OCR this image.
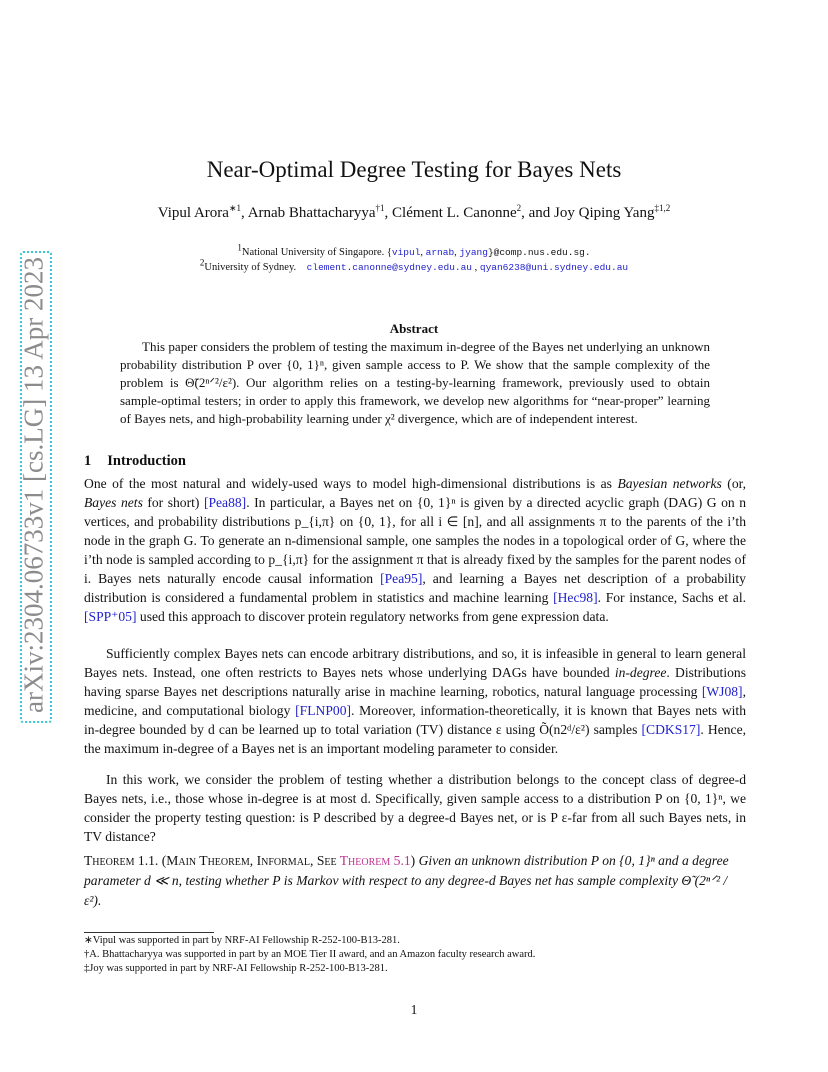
arXiv:2304.06733v1 [cs.LG] 13 Apr 2023
Near-Optimal Degree Testing for Bayes Nets
Vipul Arora$^{∗1}$, Arnab Bhattacharyya$^{\dagger 1}$, Clément L. Canonne$^2$, and Joy Qiping Yang$^{\ddagger 1,2}$
$^1$National University of Singapore. {vipul, arnab, jyang}@comp.nus.edu.sg.
$^2$University of Sydney. clement.canonne@sydney.edu.au , qyan6238@uni.sydney.edu.au
Abstract

This paper considers the problem of testing the maximum in-degree of the Bayes net underlying an unknown probability distribution P over {0, 1}ⁿ, given sample access to P. We show that the sample complexity of the problem is Θ̃(2ⁿᐟ²/ε²). Our algorithm relies on a testing-by-learning framework, previously used to obtain sample-optimal testers; in order to apply this framework, we develop new algorithms for “near-proper” learning of Bayes nets, and high-probability learning under χ² divergence, which are of independent interest.

1 Introduction

One of the most natural and widely-used ways to model high-dimensional distributions is as Bayesian networks (or, Bayes nets for short) [Pea88]. In particular, a Bayes net on {0, 1}ⁿ is given by a directed acyclic graph (DAG) G on n vertices, and probability distributions p_{i,π} on {0, 1}, for all i ∈ [n], and all assignments π to the parents of the i’th node in the graph G. To generate an n-dimensional sample, one samples the nodes in a topological order of G, where the i’th node is sampled according to p_{i,π} for the assignment π that is already fixed by the samples for the parent nodes of i. Bayes nets naturally encode causal information [Pea95], and learning a Bayes net description of a probability distribution is considered a fundamental problem in statistics and machine learning [Hec98]. For instance, Sachs et al. [SPP⁺05] used this approach to discover protein regulatory networks from gene expression data.

Sufficiently complex Bayes nets can encode arbitrary distributions, and so, it is infeasible in general to learn general Bayes nets. Instead, one often restricts to Bayes nets whose underlying DAGs have bounded in-degree. Distributions having sparse Bayes net descriptions naturally arise in machine learning, robotics, natural language processing [WJ08], medicine, and computational biology [FLNP00]. Moreover, information-theoretically, it is known that Bayes nets with in-degree bounded by d can be learned up to total variation (TV) distance ε using Õ(n2ᵈ/ε²) samples [CDKS17]. Hence, the maximum in-degree of a Bayes net is an important modeling parameter to consider.

In this work, we consider the problem of testing whether a distribution belongs to the concept class of degree-d Bayes nets, i.e., those whose in-degree is at most d. Specifically, given sample access to a distribution P on {0, 1}ⁿ, we consider the property testing question: is P described by a degree-d Bayes net, or is P ε-far from all such Bayes nets, in TV distance?

Theorem 1.1. (Main Theorem, Informal, See Theorem 5.1) Given an unknown distribution P on {0, 1}ⁿ and a degree parameter d ≪ n, testing whether P is Markov with respect to any degree-d Bayes net has sample complexity Θ̃ (2ⁿᐟ² / ε²).
∗Vipul was supported in part by NRF-AI Fellowship R-252-100-B13-281.
†A. Bhattacharyya was supported in part by an MOE Tier II award, and an Amazon faculty research award.
‡Joy was supported in part by NRF-AI Fellowship R-252-100-B13-281.
1
